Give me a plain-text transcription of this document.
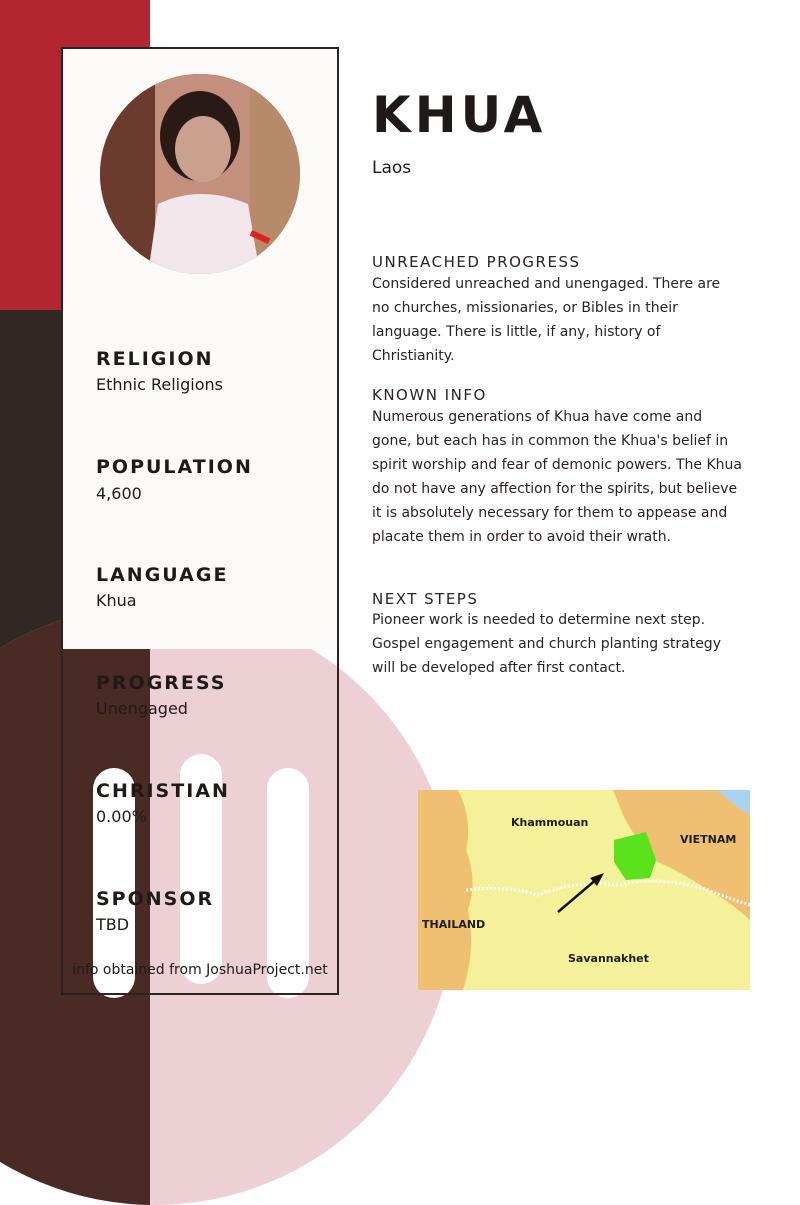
RELIGION
Ethnic Religions
POPULATION
4,600
LANGUAGE
Khua
PROGRESS
Unengaged
CHRISTIAN
0.00%
SPONSOR
TBD
info obtained from JoshuaProject.net
KHUA
Laos
UNREACHED PROGRESS
Considered unreached and unengaged. There are no churches, missionaries, or Bibles in their language. There is little, if any, history of Christianity.
KNOWN INFO
Numerous generations of Khua have come and gone, but each has in common the Khua's belief in spirit worship and fear of demonic powers. The Khua do not have any affection for the spirits, but believe it is absolutely necessary for them to appease and placate them in order to avoid their wrath.
NEXT STEPS
Pioneer work is needed to determine next step. Gospel engagement and church planting strategy will be developed after first contact.
Khammouan
VIETNAM
THAILAND
Savannakhet
